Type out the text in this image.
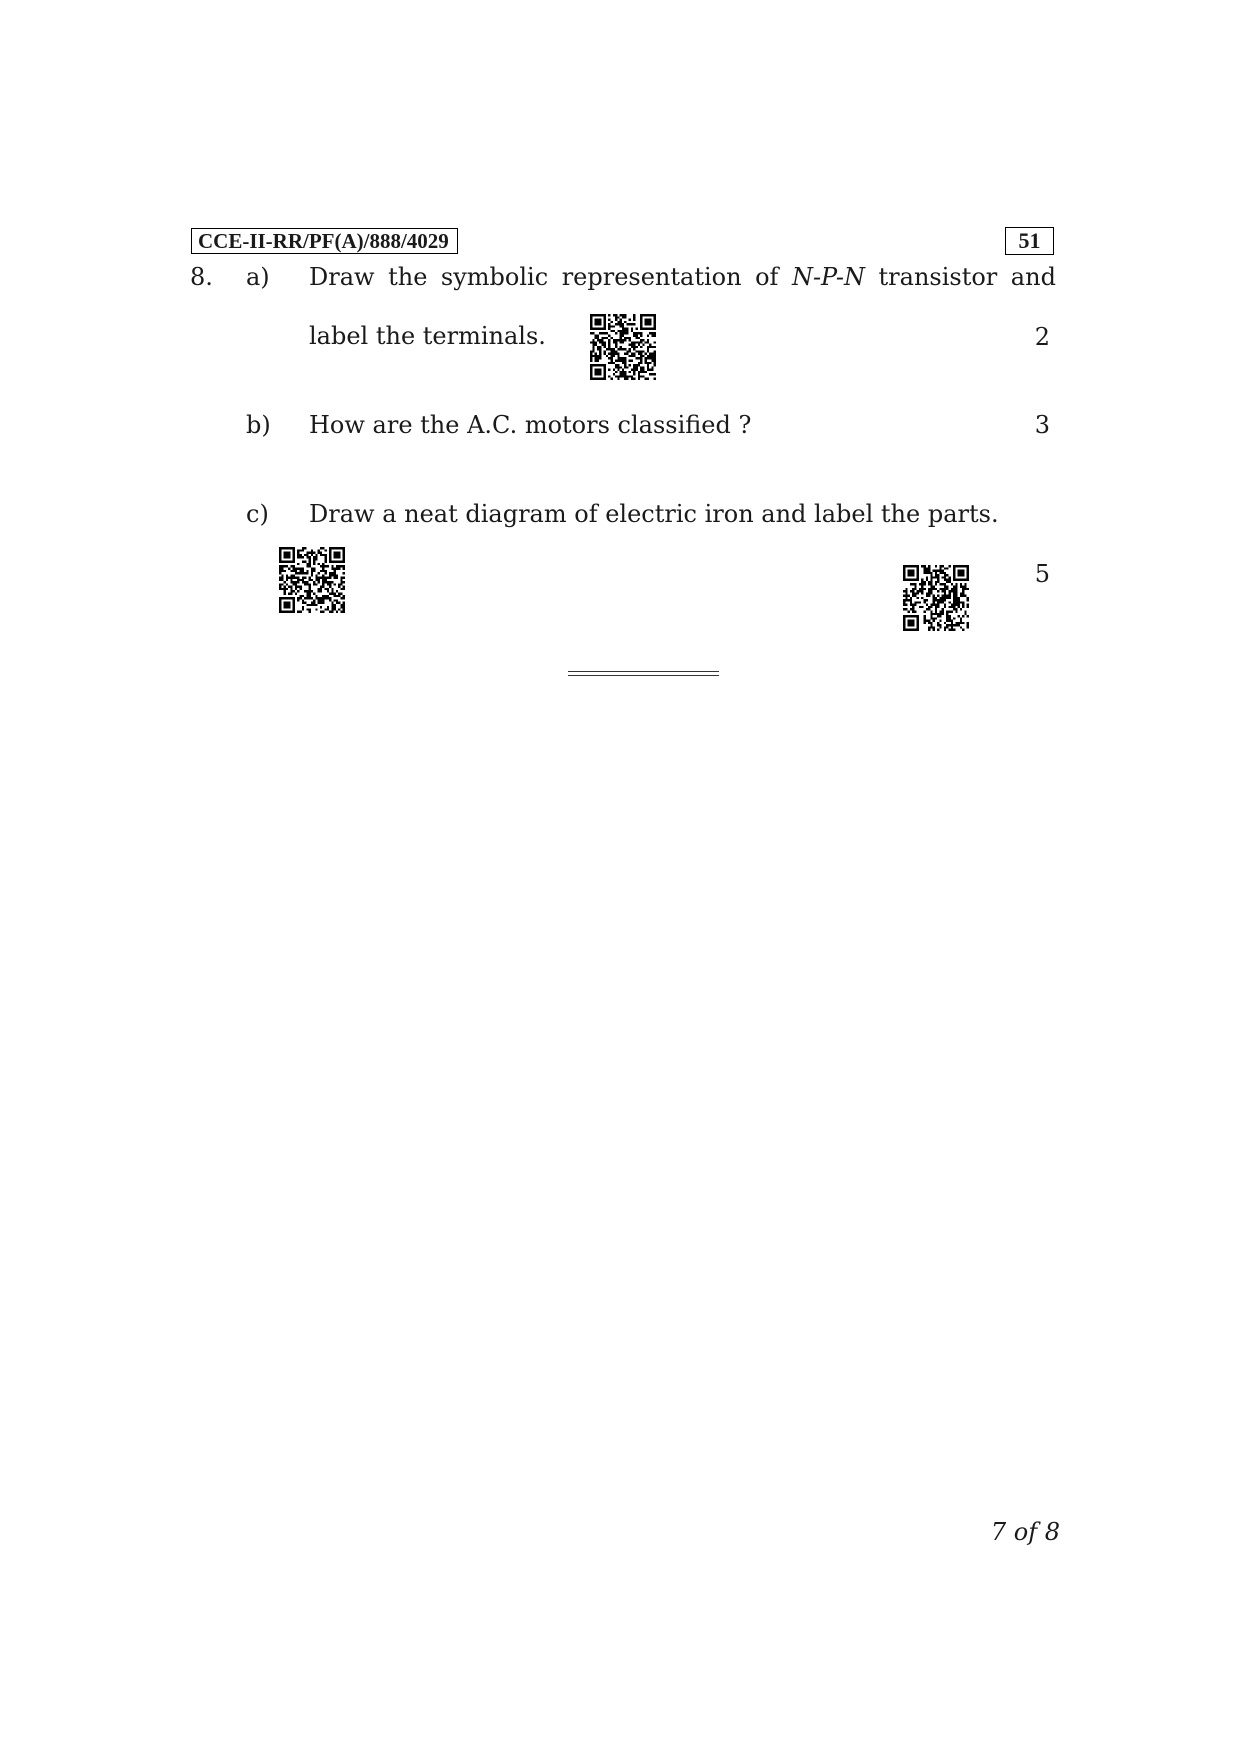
CCE-II-RR/PF(A)/888/4029	51
8. a) Draw the symbolic representation of N-P-N transistor and
label the terminals.	2
b) How are the A.C. motors classified ?	3
c) Draw a neat diagram of electric iron and label the parts.
5
7 of 8
